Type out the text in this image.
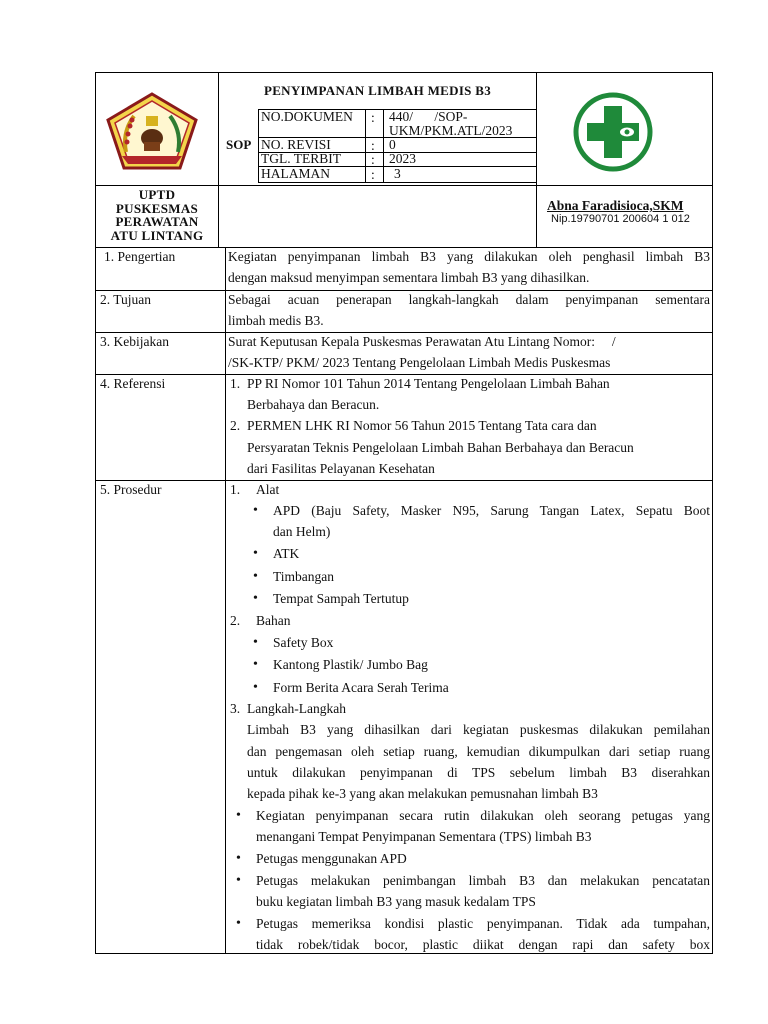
PENYIMPANAN LIMBAH MEDIS B3
SOP
NO.DOKUMEN : 440/ /SOP-
UKM/PKM.ATL/2023
NO. REVISI	: 0
TGL. TERBIT : 2023
HALAMAN	: 3
UPTD
PUSKESMAS
PERAWATAN
ATU LINTANG
Abna Faradisioca,SKM
Nip.19790701 200604 1 012
1. Pengertian
2. Tujuan
3. Kebijakan
4. Referensi
5. Prosedur
Kegiatan penyimpanan limbah B3 yang dilakukan oleh penghasil limbah B3
dengan maksud menyimpan sementara limbah B3 yang dihasilkan.
Sebagai acuan penerapan langkah-langkah dalam penyimpanan sementara
limbah medis B3.
Surat Keputusan Kepala Puskesmas Perawatan Atu Lintang Nomor:     /
/SK-KTP/ PKM/ 2023 Tentang Pengelolaan Limbah Medis Puskesmas
1. PP RI Nomor 101 Tahun 2014 Tentang Pengelolaan Limbah Bahan
Berbahaya dan Beracun.
2. PERMEN LHK RI Nomor 56 Tahun 2015 Tentang Tata cara dan
Persyaratan Teknis Pengelolaan Limbah Bahan Berbahaya dan Beracun
dari Fasilitas Pelayanan Kesehatan
1. Alat
• APD (Baju Safety, Masker N95, Sarung Tangan Latex, Sepatu Boot
dan Helm)
• ATK
• Timbangan
• Tempat Sampah Tertutup
2. Bahan
• Safety Box
• Kantong Plastik/ Jumbo Bag
• Form Berita Acara Serah Terima
3. Langkah-Langkah
Limbah B3 yang dihasilkan dari kegiatan puskesmas dilakukan pemilahan
dan pengemasan oleh setiap ruang, kemudian dikumpulkan dari setiap ruang
untuk dilakukan penyimpanan di TPS sebelum limbah B3 diserahkan
kepada pihak ke-3 yang akan melakukan pemusnahan limbah B3
• Kegiatan penyimpanan secara rutin dilakukan oleh seorang petugas yang
menangani Tempat Penyimpanan Sementara (TPS) limbah B3
• Petugas menggunakan APD
• Petugas melakukan penimbangan limbah B3 dan melakukan pencatatan
buku kegiatan limbah B3 yang masuk kedalam TPS
• Petugas memeriksa kondisi plastic penyimpanan. Tidak ada tumpahan,
tidak robek/tidak bocor, plastic diikat dengan rapi dan safety box
